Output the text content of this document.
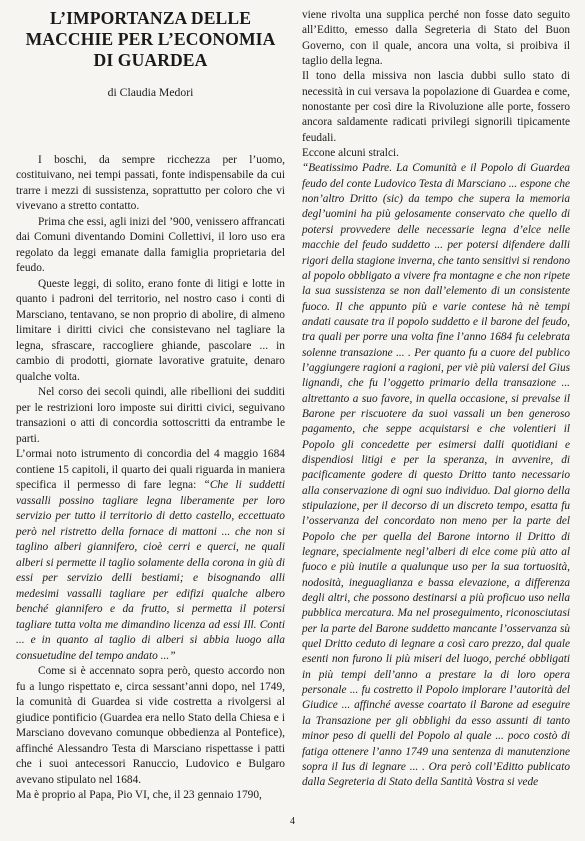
L’IMPORTANZA DELLE
MACCHIE PER L’ECONOMIA
DI GUARDEA
di Claudia Medori

I boschi, da sempre ricchezza per l’uomo, costituivano, nei tempi passati, fonte indispensabile da cui trarre i mezzi di sussistenza, soprattutto per coloro che vi vivevano a stretto contatto.

Prima che essi, agli inizi del ’900, venissero affrancati dai Comuni diventando Domini Collettivi, il loro uso era regolato da leggi emanate dalla famiglia proprietaria del feudo.

Queste leggi, di solito, erano fonte di litigi e lotte in quanto i padroni del territorio, nel nostro caso i conti di Marsciano, tentavano, se non proprio di abolire, di almeno limitare i diritti civici che consistevano nel tagliare la legna, sfrascare, raccogliere ghiande, pascolare ... in cambio di prodotti, giornate lavorative gratuite, denaro qualche volta.

Nel corso dei secoli quindi, alle ribellioni dei sudditi per le restrizioni loro imposte sui diritti civici, seguivano transazioni o atti di concordia sottoscritti da entrambe le parti.

L’ormai noto istrumento di concordia del 4 maggio 1684 contiene 15 capitoli, il quarto dei quali riguarda in maniera specifica il permesso di fare legna: “Che li suddetti vassalli possino tagliare legna liberamente per loro servizio per tutto il territorio di detto castello, eccettuato però nel ristretto della fornace di mattoni ... che non si taglino alberi giannifero, cioè cerri e querci, ne quali alberi si permette il taglio solamente della corona in giù di essi per servizio delli bestiami; e bisognando alli medesimi vassalli tagliare per edifizi qualche albero benché giannifero e da frutto, si permetta il potersi tagliare tutta volta me dimandino licenza ad essi Ill. Conti ... e in quanto al taglio di alberi si abbia luogo alla consuetudine del tempo andato ...”

Come si è accennato sopra però, questo accordo non fu a lungo rispettato e, circa sessant’anni dopo, nel 1749, la comunità di Guardea si vide costretta a rivolgersi al giudice pontificio (Guardea era nello Stato della Chiesa e i Marsciano dovevano comunque obbedienza al Pontefice), affinché Alessandro Testa di Marsciano rispettasse i patti che i suoi antecessori Ranuccio, Ludovico e Bulgaro avevano stipulato nel 1684.

Ma è proprio al Papa, Pio VI, che, il 23 gennaio 1790,

viene rivolta una supplica perché non fosse dato seguito all’Editto, emesso dalla Segreteria di Stato del Buon Governo, con il quale, ancora una volta, si proibiva il taglio della legna.

Il tono della missiva non lascia dubbi sullo stato di necessità in cui versava la popolazione di Guardea e come, nonostante per così dire la Rivoluzione alle porte, fossero ancora saldamente radicati privilegi signorili tipicamente feudali.

Eccone alcuni stralci.

“Beatissimo Padre. La Comunità e il Popolo di Guardea feudo del conte Ludovico Testa di Marsciano ... espone che non’altro Dritto (sic) da tempo che supera la memoria degl’uomini ha più gelosamente conservato che quello di potersi provvedere delle necessarie legna d’elce nelle macchie del feudo suddetto ... per potersi difendere dalli rigori della stagione inverna, che tanto sensitivi si rendono al popolo obbligato a vivere fra montagne e che non ripete la sua sussistenza se non dall’elemento di un consistente fuoco. Il che appunto più e varie contese hà nè tempi andati causate tra il popolo suddetto e il barone del feudo, tra quali per porre una volta fine l’anno 1684 fu celebrata solenne transazione ... . Per quanto fu a cuore del publico l’aggiungere ragioni a ragioni, per viè più valersi del Gius lignandi, che fu l’oggetto primario della transazione ... altrettanto a suo favore, in quella occasione, si prevalse il Barone per riscuotere da suoi vassali un ben generoso pagamento, che seppe acquistarsi e che volentieri il Popolo gli concedette per esimersi dalli quotidiani e dispendiosi litigi e per la speranza, in avvenire, di pacificamente godere di questo Dritto tanto necessario alla conservazione di ogni suo individuo. Dal giorno della stipulazione, per il decorso di un discreto tempo, esatta fu l’osservanza del concordato non meno per la parte del Popolo che per quella del Barone intorno il Dritto di legnare, specialmente negl’alberi di elce come più atto al fuoco e più inutile a qualunque uso per la sua tortuosità, nodosità, ineguaglianza e bassa elevazione, a differenza degli altri, che possono destinarsi a più proficuo uso nella pubblica mercatura. Ma nel proseguimento, riconosciutasi per la parte del Barone suddetto mancante l’osservanza sù quel Dritto ceduto di legnare a così caro prezzo, dal quale esenti non furono li più miseri del luogo, perché obbligati in più tempi dell’anno a prestare la di loro opera personale ... fu costretto il Popolo implorare l’autorità del Giudice ... affinché avesse coartato il Barone ad eseguire la Transazione per gli obblighi da esso assunti di tanto minor peso di quelli del Popolo al quale ... poco costò di fatiga ottenere l’anno 1749 una sentenza di manutenzione sopra il Ius di legnare ... . Ora però coll’Editto publicato dalla Segreteria di Stato della Santità Vostra si vede

4
